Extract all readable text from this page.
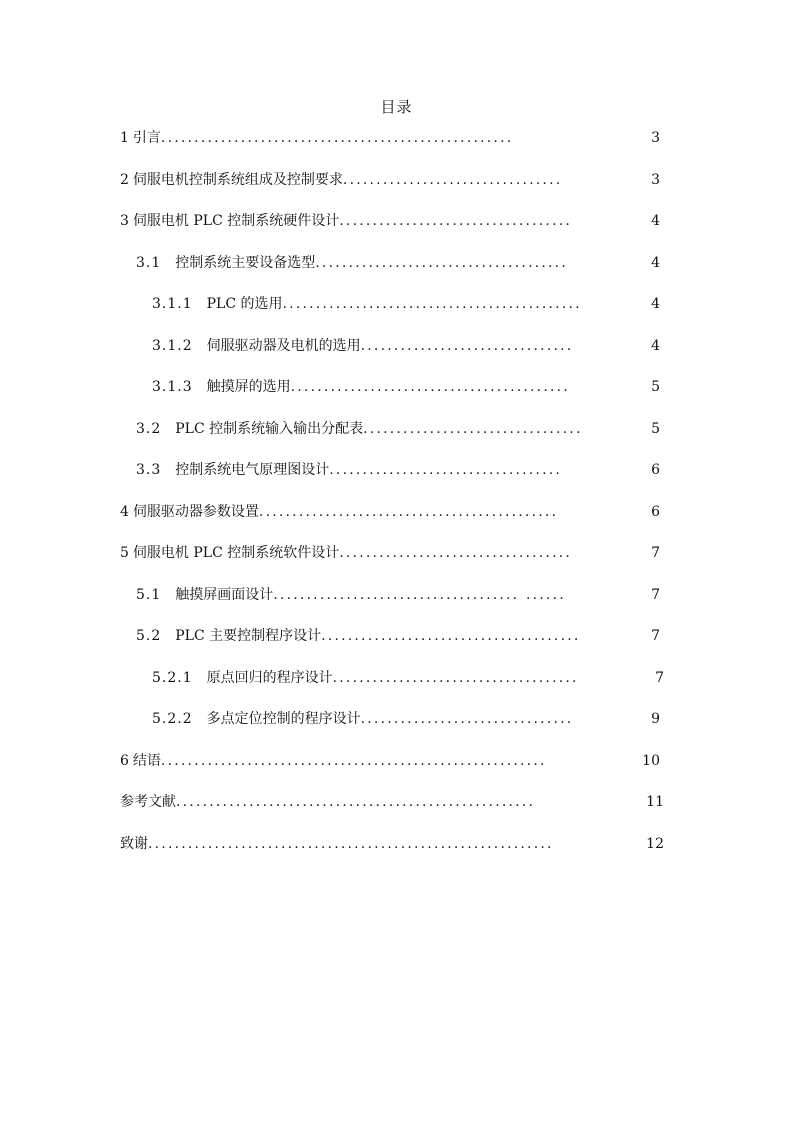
目录
1 引言 .....................................................	3
2 伺服电机控制系统组成及控制要求 .................................	3
3 伺服电机 PLC 控制系统硬件设计 ...................................	4
3.1 控制系统主要设备选型 ......................................	4
3.1.1 PLC 的选用 .............................................	4
3.1.2 伺服驱动器及电机的选用 ................................	4
3.1.3 触摸屏的选用 ..........................................	5
3.2 PLC 控制系统输入输出分配表 .................................	5
3.3 控制系统电气原理图设计 ...................................	6
4 伺服驱动器参数设置 .............................................	6
5 伺服电机 PLC 控制系统软件设计 ...................................	7
5.1 触摸屏画面设计 ..................................... ......	7
5.2 PLC 主要控制程序设计 .......................................	7
5.2.1 原点回归的程序设计 .....................................	7
5.2.2 多点定位控制的程序设计 ................................	9
6 结语 ..........................................................	10
参考文献 ......................................................	11
致谢 .............................................................	12
